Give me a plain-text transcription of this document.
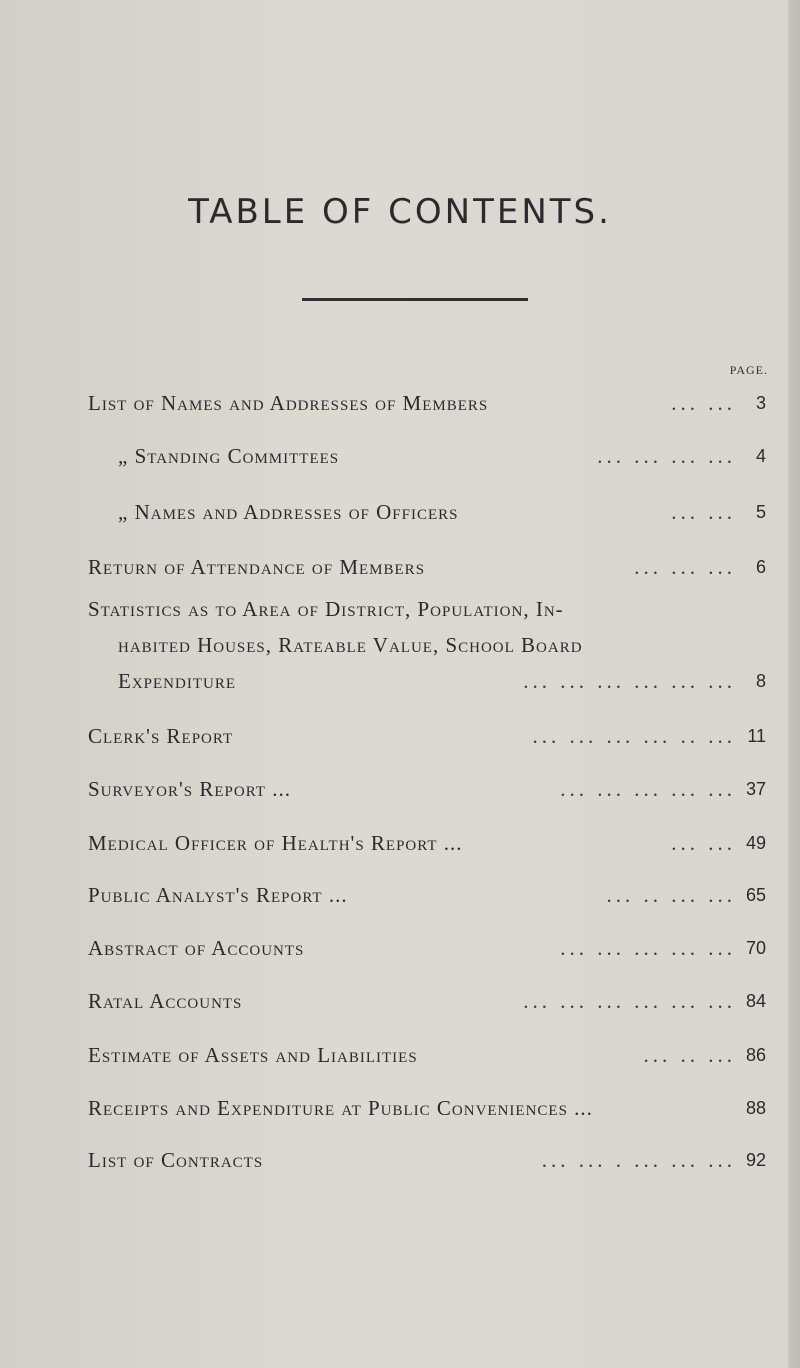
TABLE OF CONTENTS.
PAGE.
List of Names and Addresses of Members	... ...	3
„ Standing Committees	... ... ... ...	4
„ Names and Addresses of Officers	... ...	5
Return of Attendance of Members	... ... ...	6
Statistics as to Area of District, Population, In-
habited Houses, Rateable Value, School Board
Expenditure	... ... ... ... ... ...	8
Clerk's Report	... ... ... ... .. ... 11
Surveyor's Report ...	... ... ... ... ... 37
Medical Officer of Health's Report ...	... ... 49
Public Analyst's Report ...	... .. ... ... 65
Abstract of Accounts	... ... ... ... ... 70
Ratal Accounts	... ... ... ... ... ... 84
Estimate of Assets and Liabilities	... .. ... 86
Receipts and Expenditure at Public Conveniences ...	88
List of Contracts	... ... . ... ... ... 92
